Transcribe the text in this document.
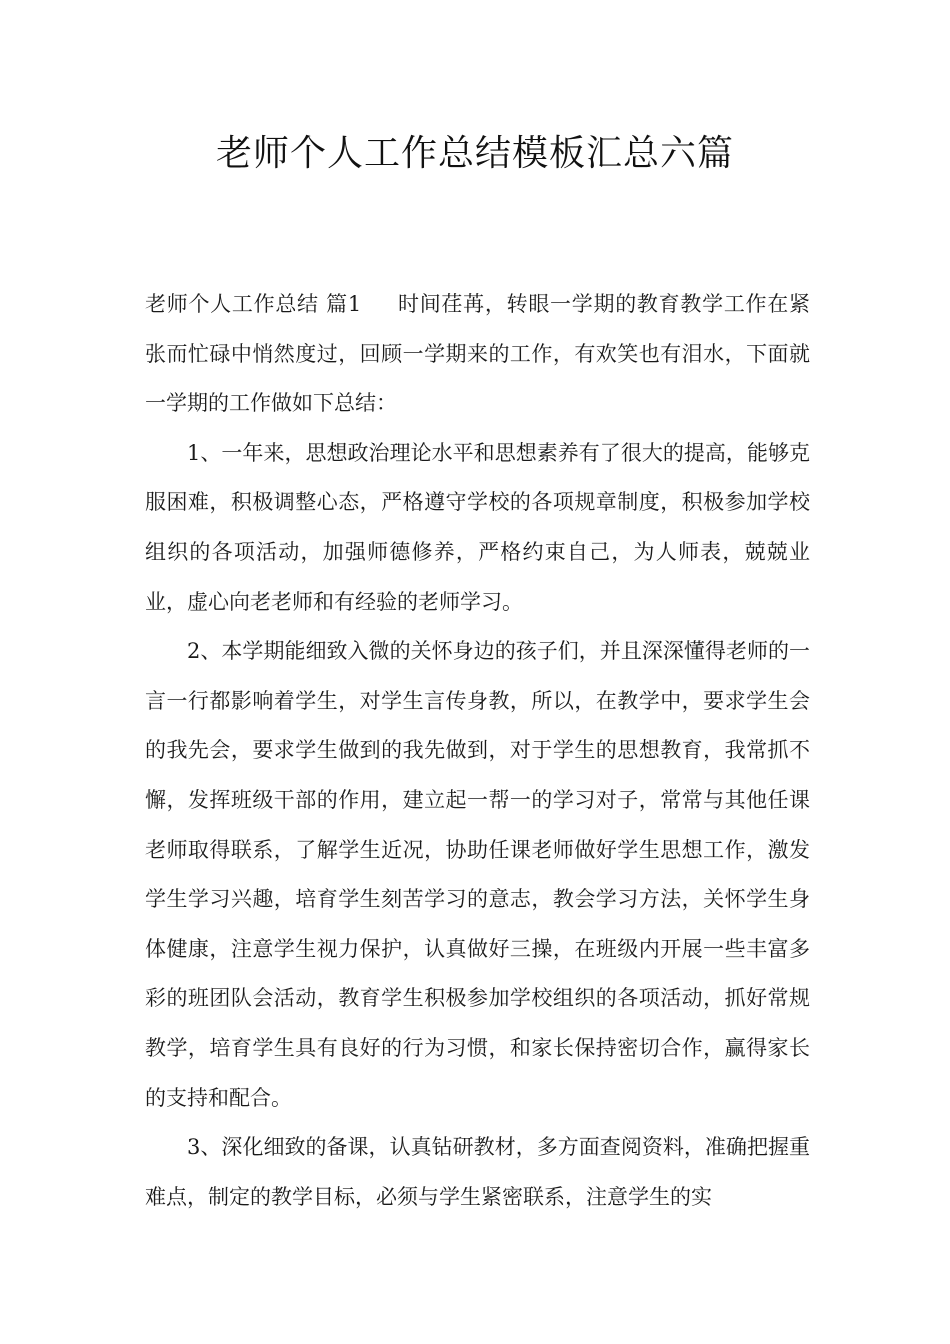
老师个人工作总结模板汇总六篇

老师个人工作总结 篇1 时间荏苒，转眼一学期的教育教学工作在紧张而忙碌中悄然度过，回顾一学期来的工作，有欢笑也有泪水，下面就一学期的工作做如下总结：

1、一年来，思想政治理论水平和思想素养有了很大的提高，能够克服困难，积极调整心态，严格遵守学校的各项规章制度，积极参加学校组织的各项活动，加强师德修养，严格约束自己，为人师表，兢兢业业，虚心向老老师和有经验的老师学习。

2、本学期能细致入微的关怀身边的孩子们，并且深深懂得老师的一言一行都影响着学生，对学生言传身教，所以，在教学中，要求学生会的我先会，要求学生做到的我先做到，对于学生的思想教育，我常抓不懈，发挥班级干部的作用，建立起一帮一的学习对子，常常与其他任课老师取得联系，了解学生近况，协助任课老师做好学生思想工作，激发学生学习兴趣，培育学生刻苦学习的意志，教会学习方法，关怀学生身体健康，注意学生视力保护，认真做好三操，在班级内开展一些丰富多彩的班团队会活动，教育学生积极参加学校组织的各项活动，抓好常规教学，培育学生具有良好的行为习惯，和家长保持密切合作，赢得家长的支持和配合。

3、深化细致的备课，认真钻研教材，多方面查阅资料，准确把握重难点，制定的教学目标，必须与学生紧密联系，注意学生的实
